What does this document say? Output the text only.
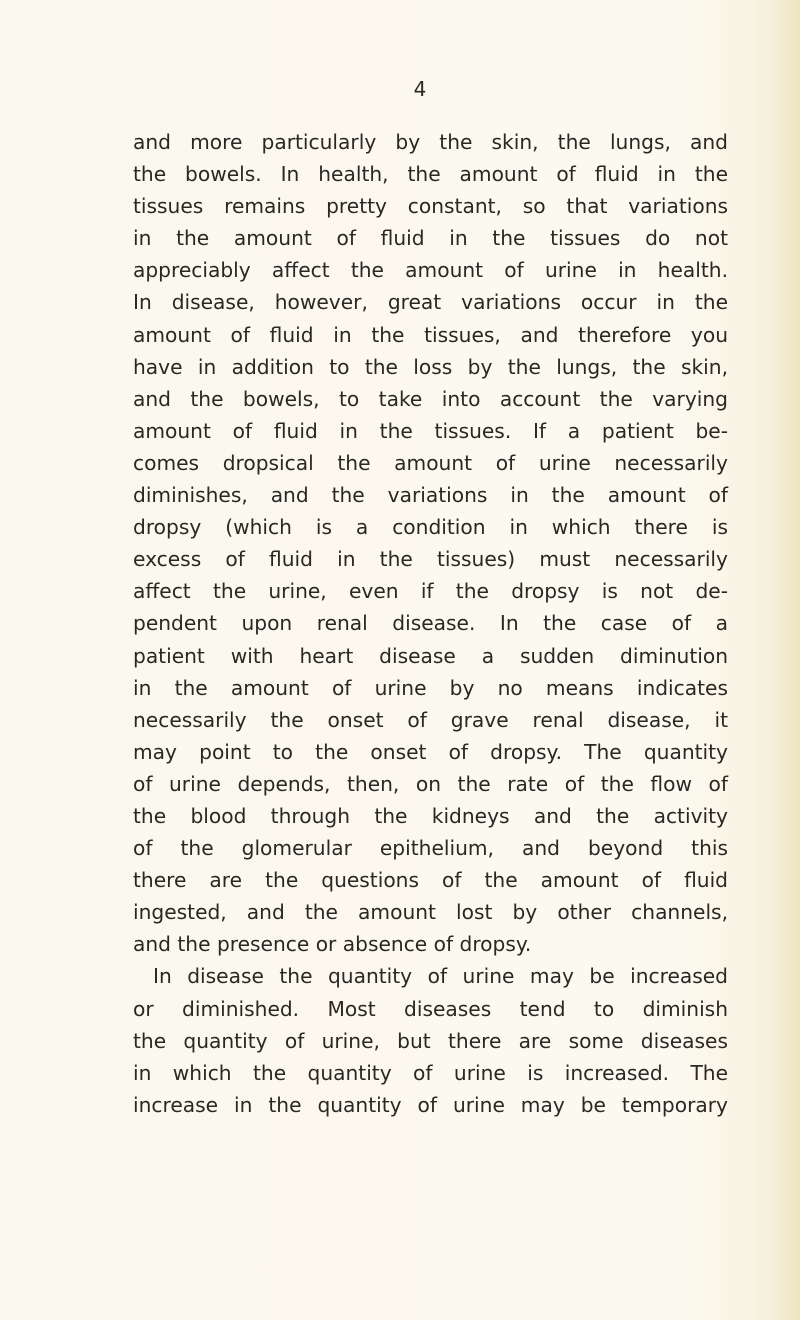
4
and more particularly by the skin, the lungs, and
the bowels. In health, the amount of fluid in the
tissues remains pretty constant, so that variations
in the amount of fluid in the tissues do not
appreciably affect the amount of urine in health.
In disease, however, great variations occur in the
amount of fluid in the tissues, and therefore you
have in addition to the loss by the lungs, the skin,
and the bowels, to take into account the varying
amount of fluid in the tissues. If a patient be-
comes dropsical the amount of urine necessarily
diminishes, and the variations in the amount of
dropsy (which is a condition in which there is
excess of fluid in the tissues) must necessarily
affect the urine, even if the dropsy is not de-
pendent upon renal disease. In the case of a
patient with heart disease a sudden diminution
in the amount of urine by no means indicates
necessarily the onset of grave renal disease, it
may point to the onset of dropsy. The quantity
of urine depends, then, on the rate of the flow of
the blood through the kidneys and the activity
of the glomerular epithelium, and beyond this
there are the questions of the amount of fluid
ingested, and the amount lost by other channels,
and the presence or absence of dropsy.
In disease the quantity of urine may be increased
or diminished. Most diseases tend to diminish
the quantity of urine, but there are some diseases
in which the quantity of urine is increased. The
increase in the quantity of urine may be temporary
